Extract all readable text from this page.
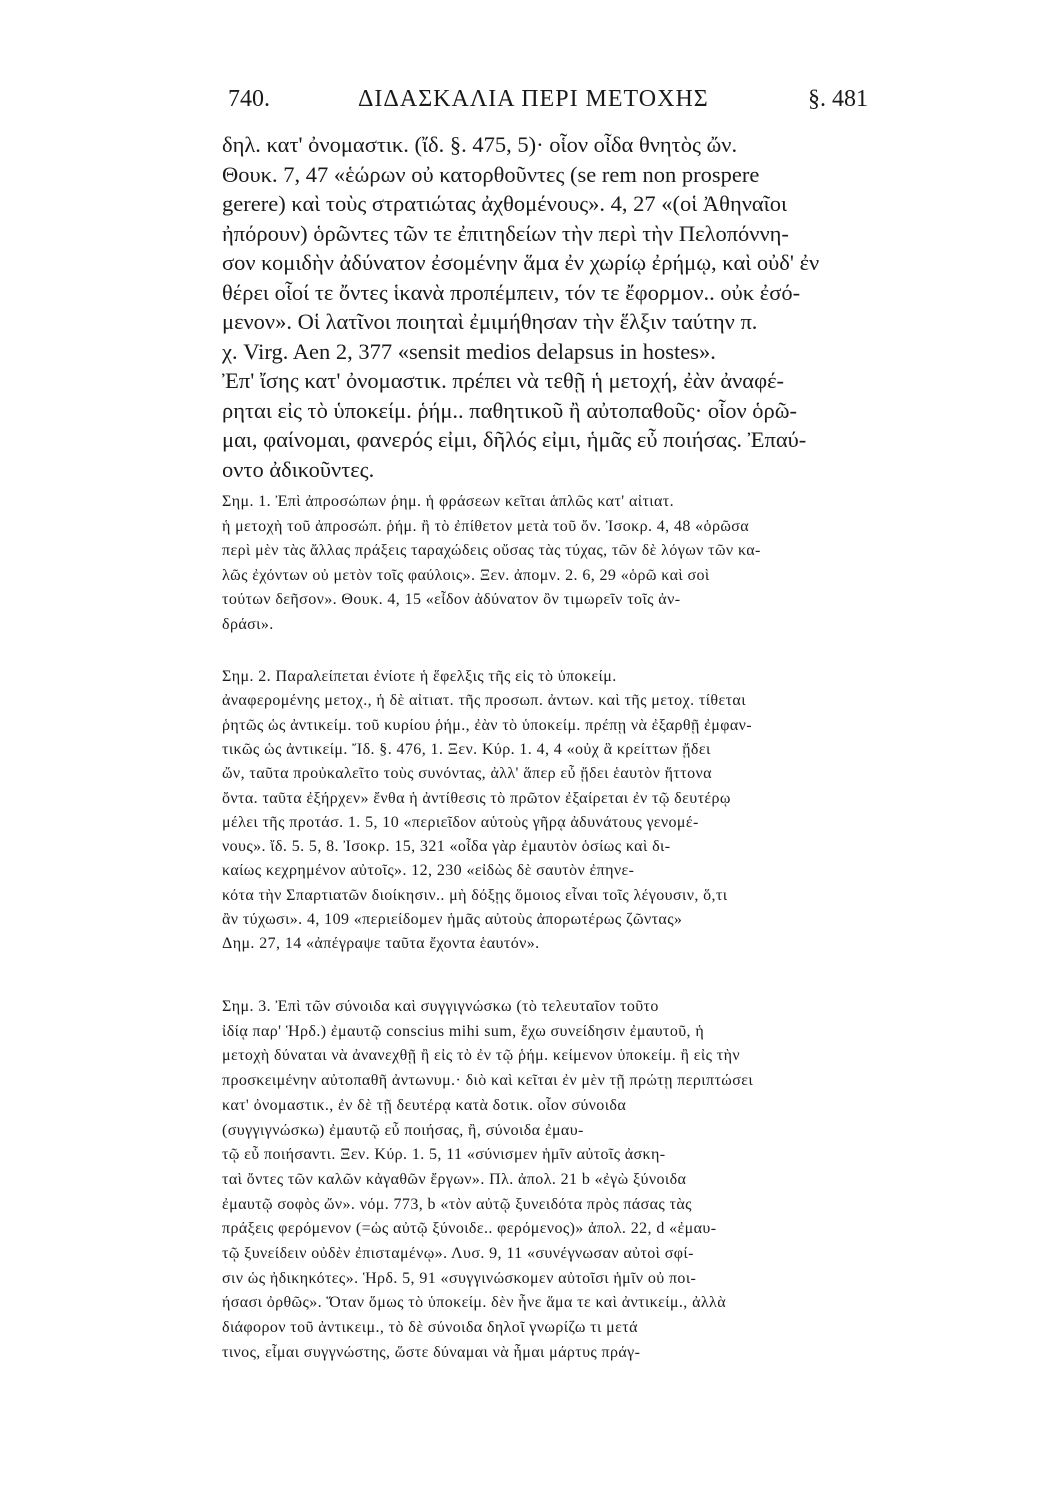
740.	ΔΙΔΑΣΚΑΛΙΑ ΠΕΡΙ ΜΕΤΟΧΗΣ	§. 481
δηλ. κατ' ὀνομαστικ. (ἴδ. §. 475, 5)· οἷον οἶδα θνητὸς ὤν.
Θουκ. 7, 47 «ἑώρων οὐ κατορθοῦντες (se rem non prospere
gerere) καὶ τοὺς στρατιώτας ἀχθομένους». 4, 27 «(οἱ Ἀθηναῖοι
ἠπόρουν) ὁρῶντες τῶν τε ἐπιτηδείων τὴν περὶ τὴν Πελοπόννη-
σον κομιδὴν ἀδύνατον ἐσομένην ἅμα ἐν χωρίῳ ἐρήμῳ, καὶ οὐδ' ἐν
θέρει οἷοί τε ὄντες ἱκανὰ προπέμπειν, τόν τε ἔφορμον.. οὐκ ἐσό-
μενον». Οἱ λατῖνοι ποιηταὶ ἐμιμήθησαν τὴν ἕλξιν ταύτην π.
χ. Virg. Aen 2, 377 «sensit medios delapsus in hostes».
Ἐπ' ἴσης κατ' ὀνομαστικ. πρέπει νὰ τεθῇ ἡ μετοχή, ἐὰν ἀναφέ-
ρηται εἰς τὸ ὑποκείμ. ῥήμ.. παθητικοῦ ἢ αὐτοπαθοῦς· οἷον ὁρῶ-
μαι, φαίνομαι, φανερός εἰμι, δῆλός εἰμι, ἡμᾶς εὖ ποιήσας. Ἐπαύ-
οντο ἀδικοῦντες.
Σημ. 1. Ἐπὶ ἀπροσώπων ῥημ. ἡ φράσεων κεῖται ἁπλῶς κατ' αἰτιατ.
ἡ μετοχὴ τοῦ ἀπροσώπ. ῥήμ. ἢ τὸ ἐπίθετον μετὰ τοῦ ὄν. Ἰσοκρ. 4, 48 «ὁρῶσα
περὶ μὲν τὰς ἄλλας πράξεις ταραχώδεις οὔσας τὰς τύχας, τῶν δὲ λόγων τῶν κα-
λῶς ἐχόντων οὐ μετὸν τοῖς φαύλοις». Ξεν. ἀπομν. 2. 6, 29 «ὁρῶ καὶ σοὶ
τούτων δεῆσον». Θουκ. 4, 15 «εἶδον ἀδύνατον ὂν τιμωρεῖν τοῖς ἀν-
δράσι».
Σημ. 2. Παραλείπεται ἐνίοτε ἡ ἕφελξις τῆς εἰς τὸ ὑποκείμ.
ἀναφερομένης μετοχ., ἡ δὲ αἰτιατ. τῆς προσωπ. ἀντων. καὶ τῆς μετοχ. τίθεται
ῥητῶς ὡς ἀντικείμ. τοῦ κυρίου ῥήμ., ἐὰν τὸ ὑποκείμ. πρέπῃ νὰ ἐξαρθῇ ἐμφαν-
τικῶς ὡς ἀντικείμ. Ἴδ. §. 476, 1. Ξεν. Κύρ. 1. 4, 4 «οὐχ ἃ κρείττων ᾔδει
ὤν, ταῦτα προὐκαλεῖτο τοὺς συνόντας, ἀλλ' ἅπερ εὖ ᾔδει ἑαυτὸν ἥττονα
ὄντα. ταῦτα ἐξήρχεν» ἔνθα ἡ ἀντίθεσις τὸ πρῶτον ἐξαίρεται ἐν τῷ δευτέρῳ
μέλει τῆς προτάσ. 1. 5, 10 «περιεῖδον αὑτοὺς γῆρᾳ ἀδυνάτους γενομέ-
νους». ἴδ. 5. 5, 8. Ἰσοκρ. 15, 321 «οἶδα γὰρ ἐμαυτὸν ὁσίως καὶ δι-
καίως κεχρημένον αὐτοῖς». 12, 230 «εἰδὼς δὲ σαυτὸν ἐπηνε-
κότα τὴν Σπαρτιατῶν διοίκησιν.. μὴ δόξῃς ὅμοιος εἶναι τοῖς λέγουσιν, ὅ,τι
ἂν τύχωσι». 4, 109 «περιείδομεν ἡμᾶς αὐτοὺς ἀπορωτέρως ζῶντας»
Δημ. 27, 14 «ἀπέγραψε ταῦτα ἔχοντα ἑαυτόν».
Σημ. 3. Ἐπὶ τῶν σύνοιδα καὶ συγγιγνώσκω (τὸ τελευταῖον τοῦτο
ἰδίᾳ παρ' Ἡρδ.) ἐμαυτῷ conscius mihi sum, ἔχω συνείδησιν ἐμαυτοῦ, ἡ
μετοχὴ δύναται νὰ ἀνανεχθῇ ἢ εἰς τὸ ἐν τῷ ῥήμ. κείμενον ὑποκείμ. ἢ εἰς τὴν
προσκειμένην αὐτοπαθῆ ἀντωνυμ.· διὸ καὶ κεῖται ἐν μὲν τῇ πρώτῃ περιπτώσει
κατ' ὀνομαστικ., ἐν δὲ τῇ δευτέρᾳ κατὰ δοτικ. οἷον σύνοιδα
(συγγιγνώσκω) ἐμαυτῷ εὖ ποιήσας, ἢ, σύνοιδα ἐμαυ-
τῷ εὖ ποιήσαντι. Ξεν. Κύρ. 1. 5, 11 «σύνισμεν ἡμῖν αὐτοῖς ἀσκη-
ταὶ ὄντες τῶν καλῶν κἀγαθῶν ἔργων». Πλ. ἀπολ. 21 b «ἐγὼ ξύνοιδα
ἐμαυτῷ σοφὸς ὤν». νόμ. 773, b «τὸν αὐτῷ ξυνειδότα πρὸς πάσας τὰς
πράξεις φερόμενον (=ὡς αὐτῷ ξύνοιδε.. φερόμενος)» ἀπολ. 22, d «ἐμαυ-
τῷ ξυνείδειν οὐδὲν ἐπισταμένῳ». Λυσ. 9, 11 «συνέγνωσαν αὐτοὶ σφί-
σιν ὡς ἠδικηκότες». Ἡρδ. 5, 91 «συγγινώσκομεν αὐτοῖσι ἡμῖν οὐ ποι-
ήσασι ὀρθῶς». Ὅταν ὅμως τὸ ὑποκείμ. δὲν ἦνε ἅμα τε καὶ ἀντικείμ., ἀλλὰ
διάφορον τοῦ ἀντικειμ., τὸ δὲ σύνοιδα δηλοῖ γνωρίζω τι μετά
τινος, εἶμαι συγγνώστης, ὥστε δύναμαι νὰ ἦμαι μάρτυς πράγ-
